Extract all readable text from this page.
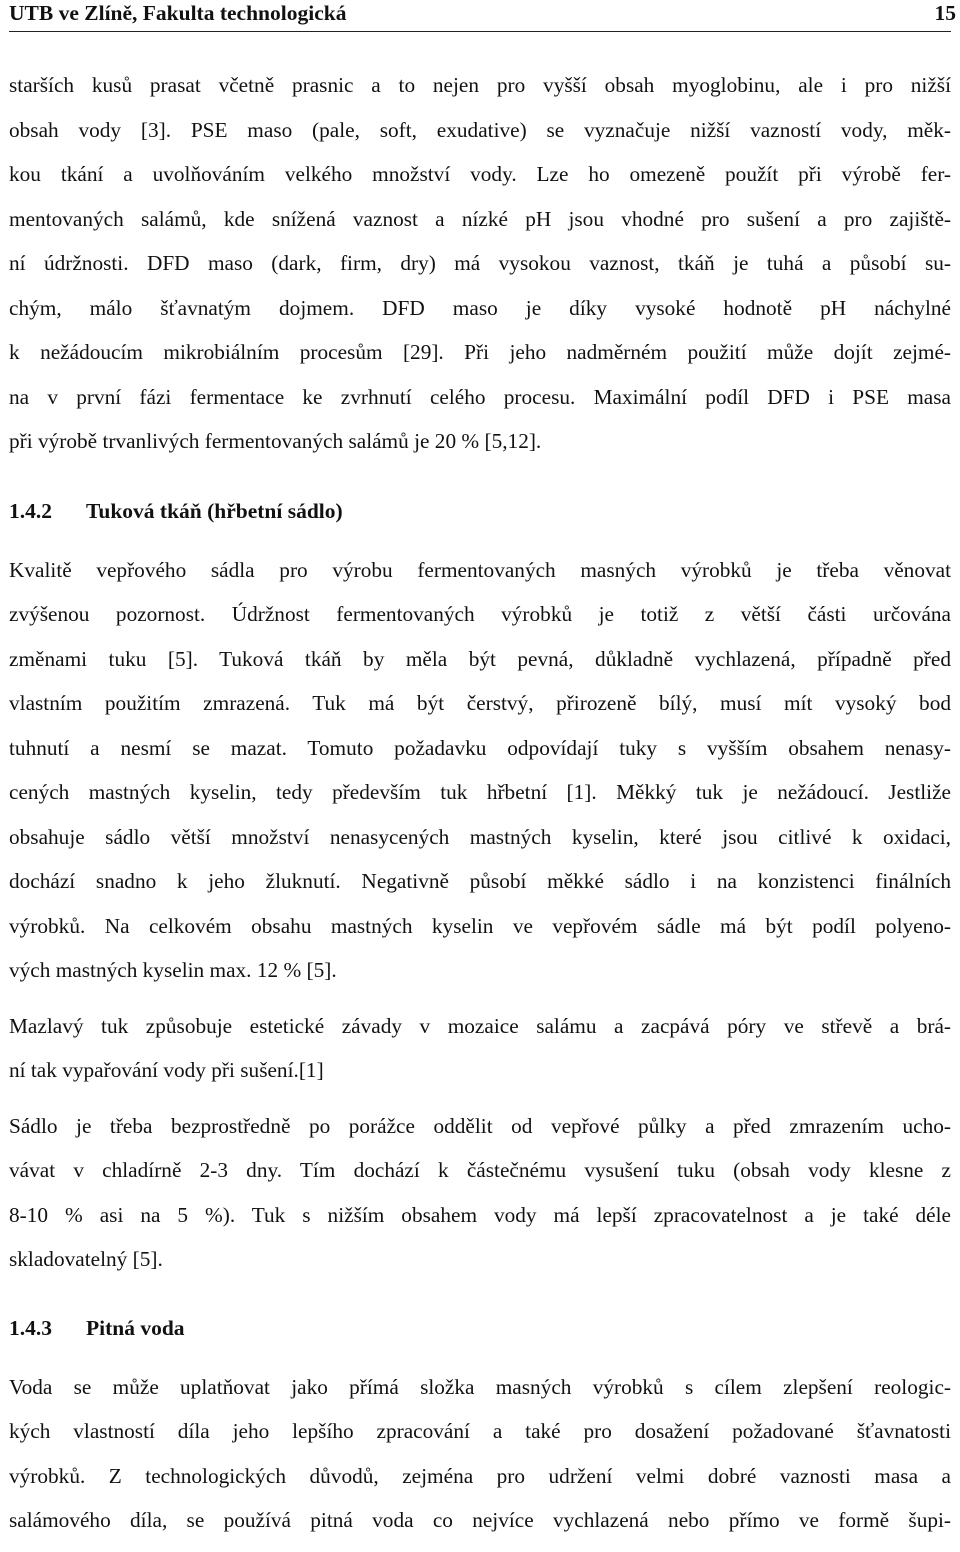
UTB ve Zlíně, Fakulta technologická	15

starších kusů prasat včetně prasnic a to nejen pro vyšší obsah myoglobinu, ale i pro nižší
obsah vody [3]. PSE maso (pale, soft, exudative) se vyznačuje nižší vazností vody, měk-
kou tkání a uvolňováním velkého množství vody. Lze ho omezeně použít při výrobě fer-
mentovaných salámů, kde snížená vaznost a nízké pH jsou vhodné pro sušení a pro zajiště-
ní údržnosti. DFD maso (dark, firm, dry) má vysokou vaznost, tkáň je tuhá a působí su-
chým, málo šťavnatým dojmem. DFD maso je díky vysoké hodnotě pH náchylné
k nežádoucím mikrobiálním procesům [29]. Při jeho nadměrném použití může dojít zejmé-
na v první fázi fermentace ke zvrhnutí celého procesu. Maximální podíl DFD i PSE masa
při výrobě trvanlivých fermentovaných salámů je 20 % [5,12].

1.4.2 Tuková tkáň (hřbetní sádlo)

Kvalitě vepřového sádla pro výrobu fermentovaných masných výrobků je třeba věnovat
zvýšenou pozornost. Údržnost fermentovaných výrobků je totiž z větší části určována
změnami tuku [5]. Tuková tkáň by měla být pevná, důkladně vychlazená, případně před
vlastním použitím zmrazená. Tuk má být čerstvý, přirozeně bílý, musí mít vysoký bod
tuhnutí a nesmí se mazat. Tomuto požadavku odpovídají tuky s vyšším obsahem nenasy-
cených mastných kyselin, tedy především tuk hřbetní [1]. Měkký tuk je nežádoucí. Jestliže
obsahuje sádlo větší množství nenasycených mastných kyselin, které jsou citlivé k oxidaci,
dochází snadno k jeho žluknutí. Negativně působí měkké sádlo i na konzistenci finálních
výrobků. Na celkovém obsahu mastných kyselin ve vepřovém sádle má být podíl polyeno-
vých mastných kyselin max. 12 % [5].

Mazlavý tuk způsobuje estetické závady v mozaice salámu a zacpává póry ve střevě a brá-
ní tak vypařování vody při sušení.[1]

Sádlo je třeba bezprostředně po porážce oddělit od vepřové půlky a před zmrazením ucho-
vávat v chladírně 2-3 dny. Tím dochází k částečnému vysušení tuku (obsah vody klesne z
8-10 % asi na 5 %). Tuk s nižším obsahem vody má lepší zpracovatelnost a je také déle
skladovatelný [5].

1.4.3 Pitná voda

Voda se může uplatňovat jako přímá složka masných výrobků s cílem zlepšení reologic-
kých vlastností díla jeho lepšího zpracování a také pro dosažení požadované šťavnatosti
výrobků. Z technologických důvodů, zejména pro udržení velmi dobré vaznosti masa a
salámového díla, se používá pitná voda co nejvíce vychlazená nebo přímo ve formě šupi-
